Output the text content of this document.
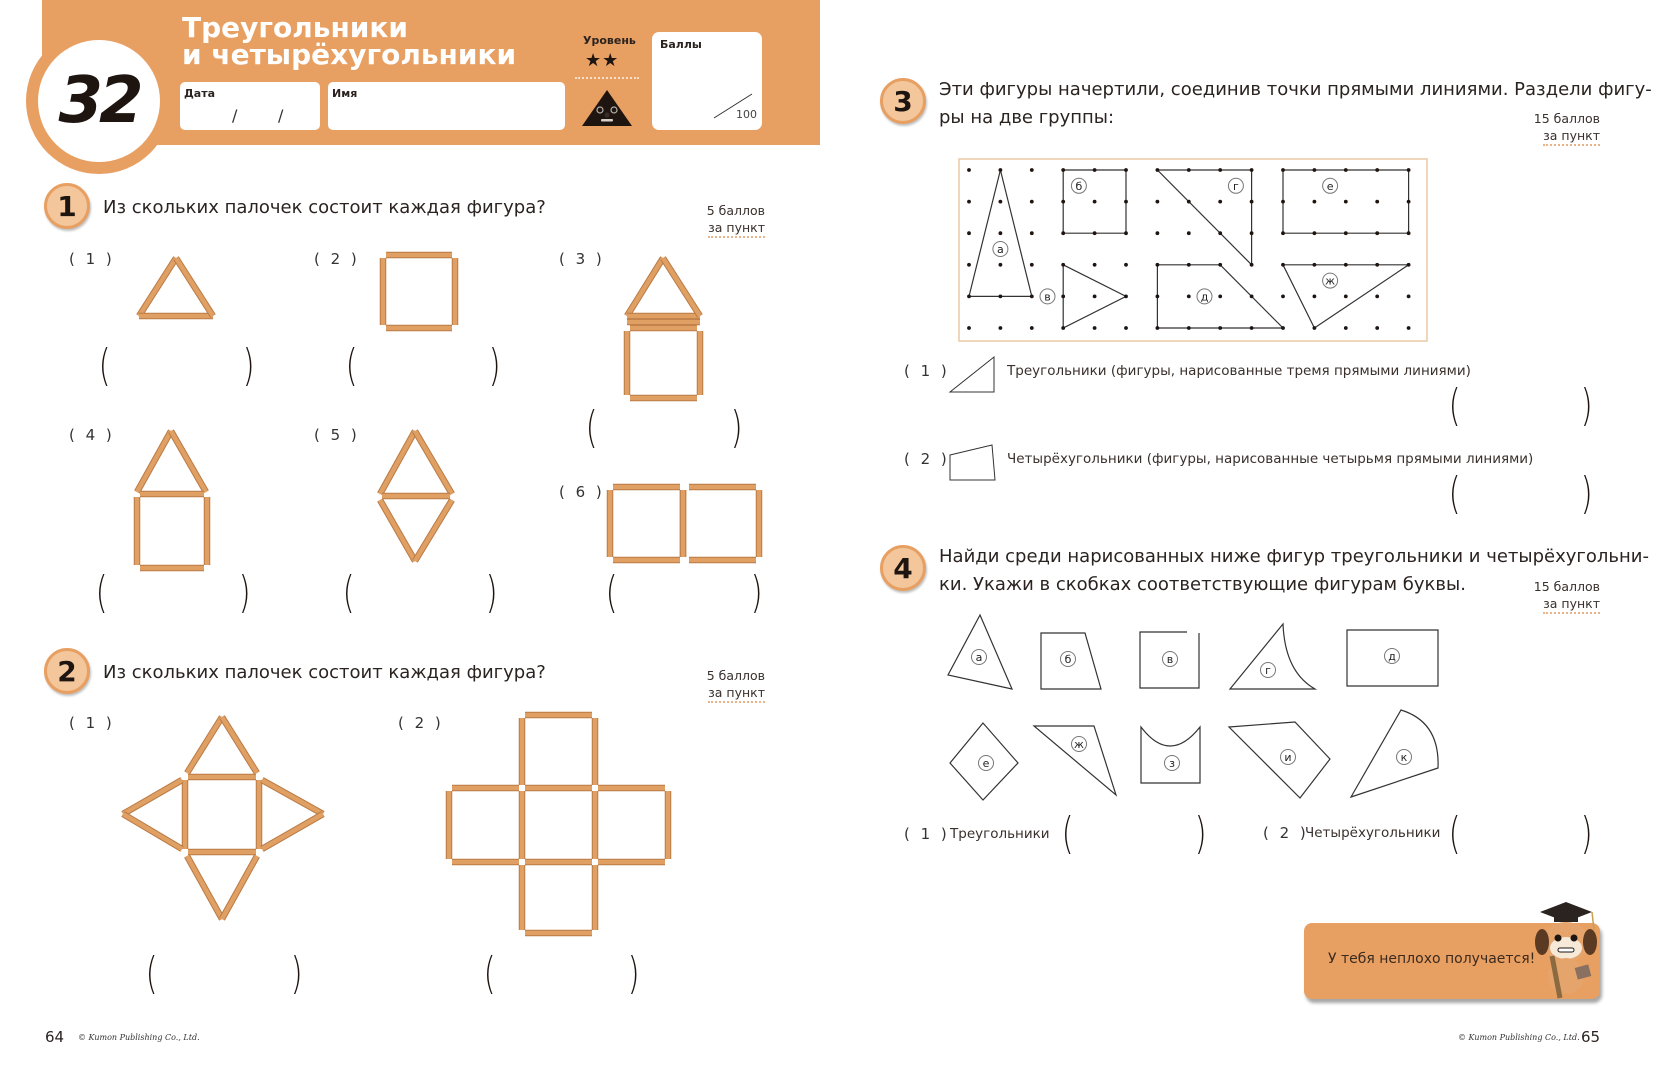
32
Треугольники
и четырёхугольники
Дата
/	/
Имя
Уровень
★★
Баллы
100
1	Из скольких палочек состоит каждая фигура?	5 баллов
за пункт
( 1 )	( 2 )	( 3 )
( 4 )	( 5 )
( 6 )
(	) (	)
(	)
(	) (	) (	)
2	Из скольких палочек состоит каждая фигура?	5 баллов
за пункт
( 1 )	( 2 )
(	)	(	)
3	Эти фигуры начертили, соединив точки прямыми линиями. Раздели фигу-
ры на две группы:	15 баллов
за пункт
а
б
в
г
д
е
ж
( 1 )	Треугольники (фигуры, нарисованные тремя прямыми линиями)
(	)
( 2 )	Четырёхугольники (фигуры, нарисованные четырьмя прямыми линиями)
(	)
4	Найди среди нарисованных ниже фигур треугольники и четырёхугольни-
ки. Укажи в скобках соответствующие фигурам буквы.	15 баллов
за пункт
а	б	в
г
д
е
ж
з	и	к
( 1 ) Треугольники (	)	( 2 )
Четырёхугольники (	)
У тебя неплохо получается!
64 © Kumon Publishing Co., Ltd.	© Kumon Publishing Co., Ltd. 65
